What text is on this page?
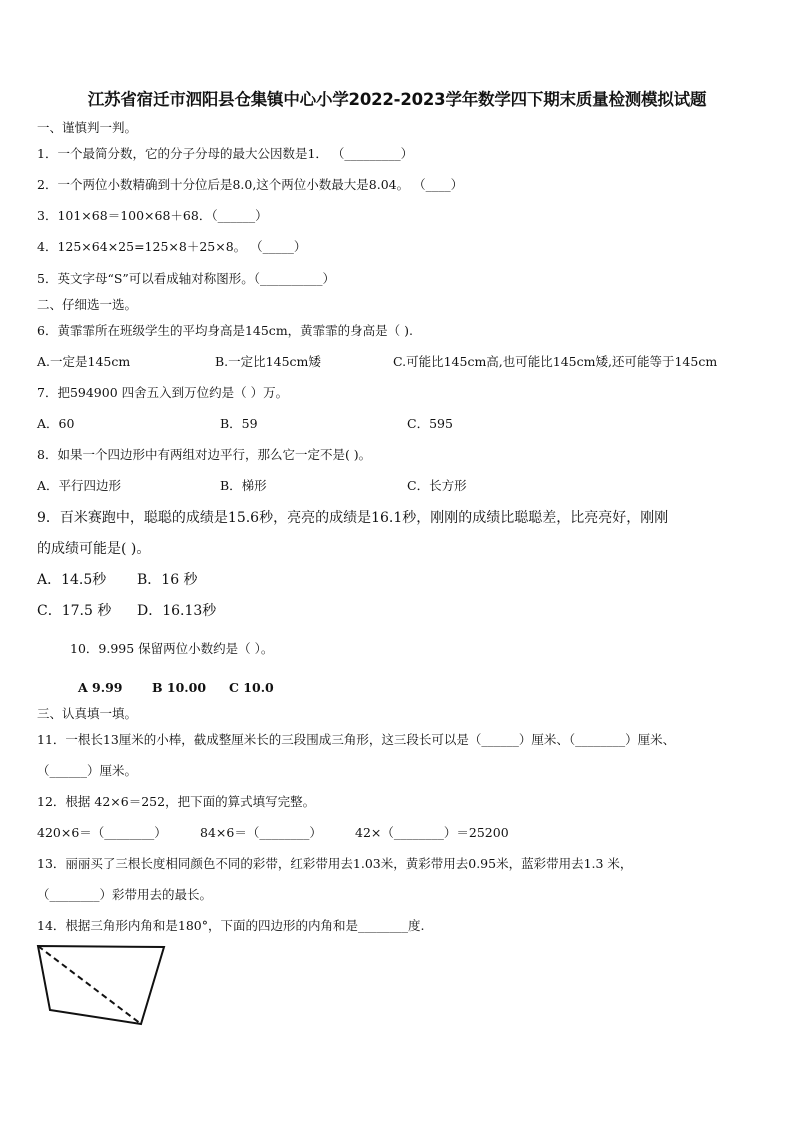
江苏省宿迁市泗阳县仓集镇中心小学2022-2023学年数学四下期末质量检测模拟试题
一、谨慎判一判。
1．一个最简分数，它的分子分母的最大公因数是1． （_________）
2．一个两位小数精确到十分位后是8.0,这个两位小数最大是8.04。 （____）
3．101×68＝100×68＋68．（______）
4．125×64×25=125×8＋25×8。 （_____）
5．英文字母“S”可以看成轴对称图形。（__________）
二、仔细选一选。
6．黄霏霏所在班级学生的平均身高是145cm，黄霏霏的身高是（ ).
A.一定是145cm	B.一定比145cm矮	C.可能比145cm高,也可能比145cm矮,还可能等于145cm
7．把594900 四舍五入到万位约是（ ）万。
A．60	B．59	C．595
8．如果一个四边形中有两组对边平行，那么它一定不是( )。
A．平行四边形	B．梯形	C．长方形
9．百米赛跑中，聪聪的成绩是15.6秒，亮亮的成绩是16.1秒，刚刚的成绩比聪聪差，比亮亮好，刚刚
的成绩可能是( )。
A．14.5秒 B．16 秒
C．17.5 秒 D．16.13秒
10．9.995 保留两位小数约是（ ）。
A 9.99 B 10.00 C 10.0
三、认真填一填。
11．一根长13厘米的小棒，截成整厘米长的三段围成三角形，这三段长可以是（______）厘米、（________）厘米、
（______）厘米。
12．根据 42×6＝252，把下面的算式填写完整。
420×6＝（________）	84×6＝（________）	42×（________）＝25200
13．丽丽买了三根长度相同颜色不同的彩带，红彩带用去1.03米，黄彩带用去0.95米，蓝彩带用去1.3 米，
（________）彩带用去的最长。
14．根据三角形内角和是180°，下面的四边形的内角和是________度.
